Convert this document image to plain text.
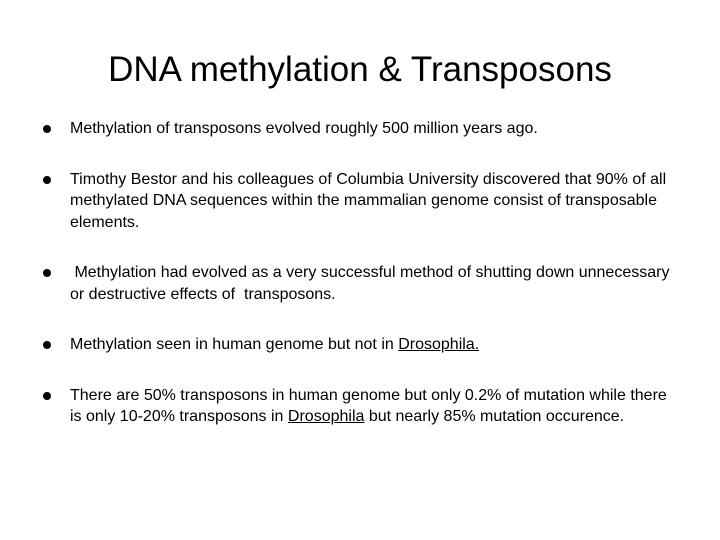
DNA methylation & Transposons
Methylation of transposons evolved roughly 500 million years ago.
Timothy Bestor and his colleagues of Columbia University discovered that 90% of all methylated DNA sequences within the mammalian genome consist of transposable elements.
Methylation had evolved as a very successful method of shutting down unnecessary or destructive effects of  transposons.
Methylation seen in human genome but not in Drosophila.
There are 50% transposons in human genome but only 0.2% of mutation while there is only 10-20% transposons in Drosophila but nearly 85% mutation occurence.
